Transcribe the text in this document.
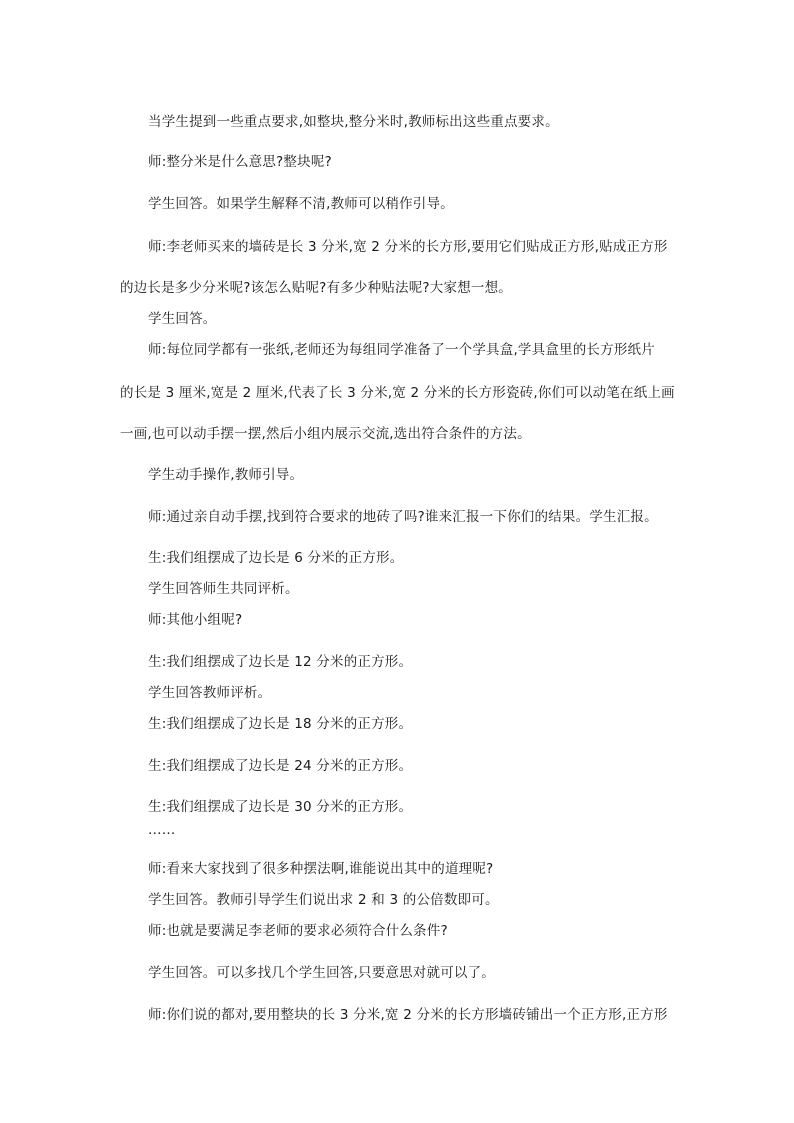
当学生提到一些重点要求,如整块,整分米时,教师标出这些重点要求。

师:整分米是什么意思?整块呢?

学生回答。如果学生解释不清,教师可以稍作引导。

师:李老师买来的墙砖是长 3 分米,宽 2 分米的长方形,要用它们贴成正方形,贴成正方形

的边长是多少分米呢?该怎么贴呢?有多少种贴法呢?大家想一想。

学生回答。

师:每位同学都有一张纸,老师还为每组同学准备了一个学具盒,学具盒里的长方形纸片

的长是 3 厘米,宽是 2 厘米,代表了长 3 分米,宽 2 分米的长方形瓷砖,你们可以动笔在纸上画

一画,也可以动手摆一摆,然后小组内展示交流,选出符合条件的方法。

学生动手操作,教师引导。

师:通过亲自动手摆,找到符合要求的地砖了吗?谁来汇报一下你们的结果。学生汇报。

生:我们组摆成了边长是 6 分米的正方形。

学生回答师生共同评析。

师:其他小组呢?

生:我们组摆成了边长是 12 分米的正方形。

学生回答教师评析。

生:我们组摆成了边长是 18 分米的正方形。

生:我们组摆成了边长是 24 分米的正方形。

生:我们组摆成了边长是 30 分米的正方形。

……

师:看来大家找到了很多种摆法啊,谁能说出其中的道理呢?

学生回答。教师引导学生们说出求 2 和 3 的公倍数即可。

师:也就是要满足李老师的要求必须符合什么条件?

学生回答。可以多找几个学生回答,只要意思对就可以了。

师:你们说的都对,要用整块的长 3 分米,宽 2 分米的长方形墙砖铺出一个正方形,正方形
